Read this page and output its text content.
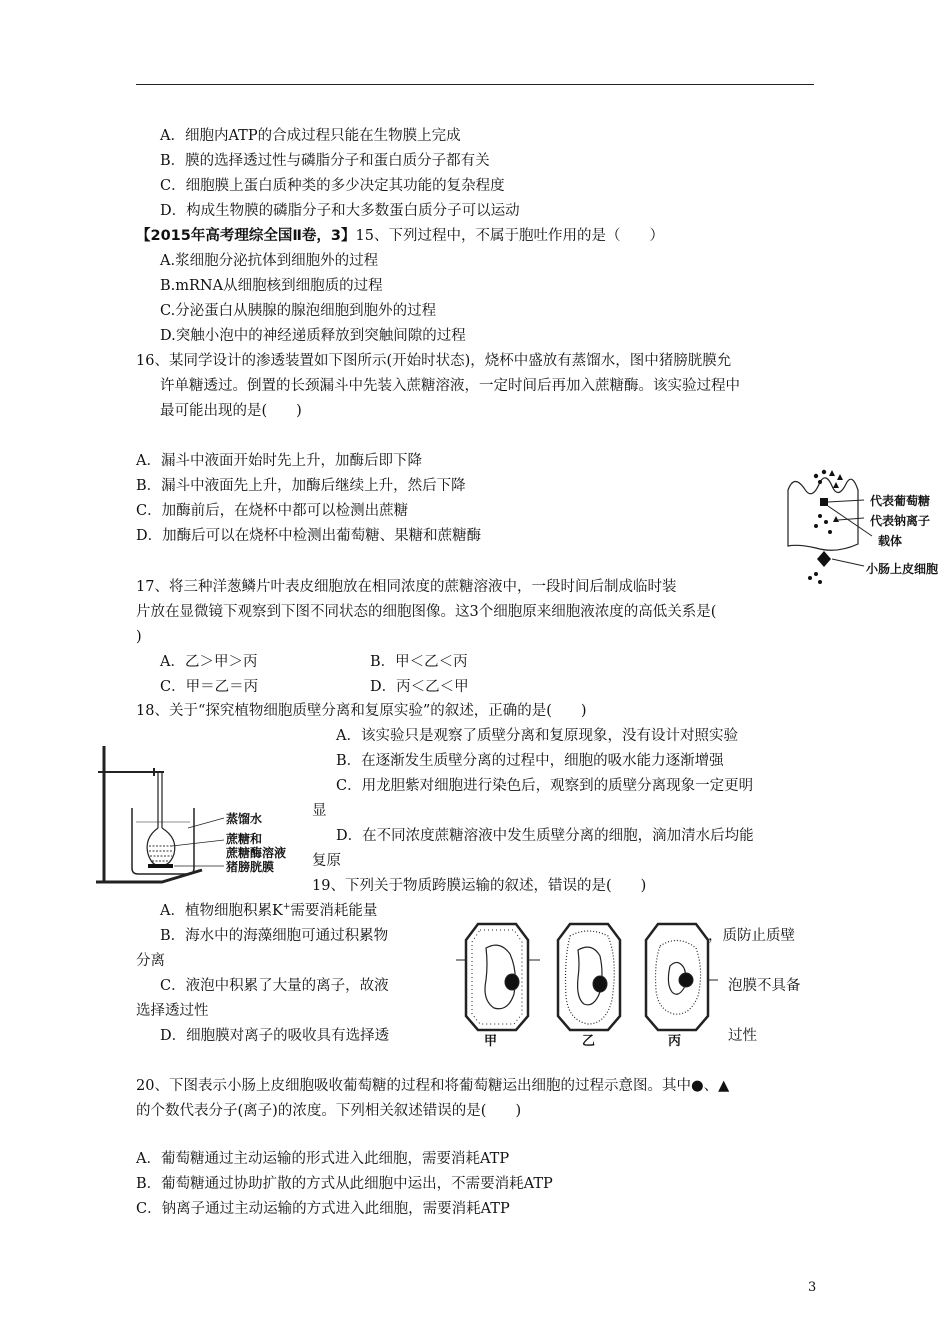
A．细胞内ATP的合成过程只能在生物膜上完成
B．膜的选择透过性与磷脂分子和蛋白质分子都有关
C．细胞膜上蛋白质种类的多少决定其功能的复杂程度
D．构成生物膜的磷脂分子和大多数蛋白质分子可以运动
【2015年高考理综全国Ⅱ卷，3】15、下列过程中，不属于胞吐作用的是（　　）
A.浆细胞分泌抗体到细胞外的过程
B.mRNA从细胞核到细胞质的过程
C.分泌蛋白从胰腺的腺泡细胞到胞外的过程
D.突触小泡中的神经递质释放到突触间隙的过程
16、某同学设计的渗透装置如下图所示(开始时状态)，烧杯中盛放有蒸馏水，图中猪膀胱膜允
许单糖透过。倒置的长颈漏斗中先装入蔗糖溶液，一定时间后再加入蔗糖酶。该实验过程中
最可能出现的是(　　)
A．漏斗中液面开始时先上升，加酶后即下降
B．漏斗中液面先上升，加酶后继续上升，然后下降
C．加酶前后，在烧杯中都可以检测出蔗糖
D．加酶后可以在烧杯中检测出葡萄糖、果糖和蔗糖酶
代表葡萄糖
代表钠离子
载体
小肠上皮细胞
17、将三种洋葱鳞片叶表皮细胞放在相同浓度的蔗糖溶液中，一段时间后制成临时装
片放在显微镜下观察到下图不同状态的细胞图像。这3个细胞原来细胞液浓度的高低关系是(
)
A．乙＞甲＞丙	B．甲＜乙＜丙
C．甲＝乙＝丙	D．丙＜乙＜甲
18、关于“探究植物细胞质壁分离和复原实验”的叙述，正确的是(　　)
A．该实验只是观察了质壁分离和复原现象，没有设计对照实验
B．在逐渐发生质壁分离的过程中，细胞的吸水能力逐渐增强
C．用龙胆紫对细胞进行染色后，观察到的质壁分离现象一定更明
显
D．在不同浓度蔗糖溶液中发生质壁分离的细胞，滴加清水后均能
复原
蒸馏水
蔗糖和
蔗糖酶溶液
猪膀胱膜
19、下列关于物质跨膜运输的叙述，错误的是(　　)
A．植物细胞积累K+需要消耗能量
B．海水中的海藻细胞可通过积累物	，质防止质壁
分离
C．液泡中积累了大量的离子，故液	泡膜不具备
选择透过性
D．细胞膜对离子的吸收具有选择透	过性
甲	乙	丙
20、下图表示小肠上皮细胞吸收葡萄糖的过程和将葡萄糖运出细胞的过程示意图。其中●、▲
的个数代表分子(离子)的浓度。下列相关叙述错误的是(　　)
A．葡萄糖通过主动运输的形式进入此细胞，需要消耗ATP
B．葡萄糖通过协助扩散的方式从此细胞中运出，不需要消耗ATP
C．钠离子通过主动运输的方式进入此细胞，需要消耗ATP
3
